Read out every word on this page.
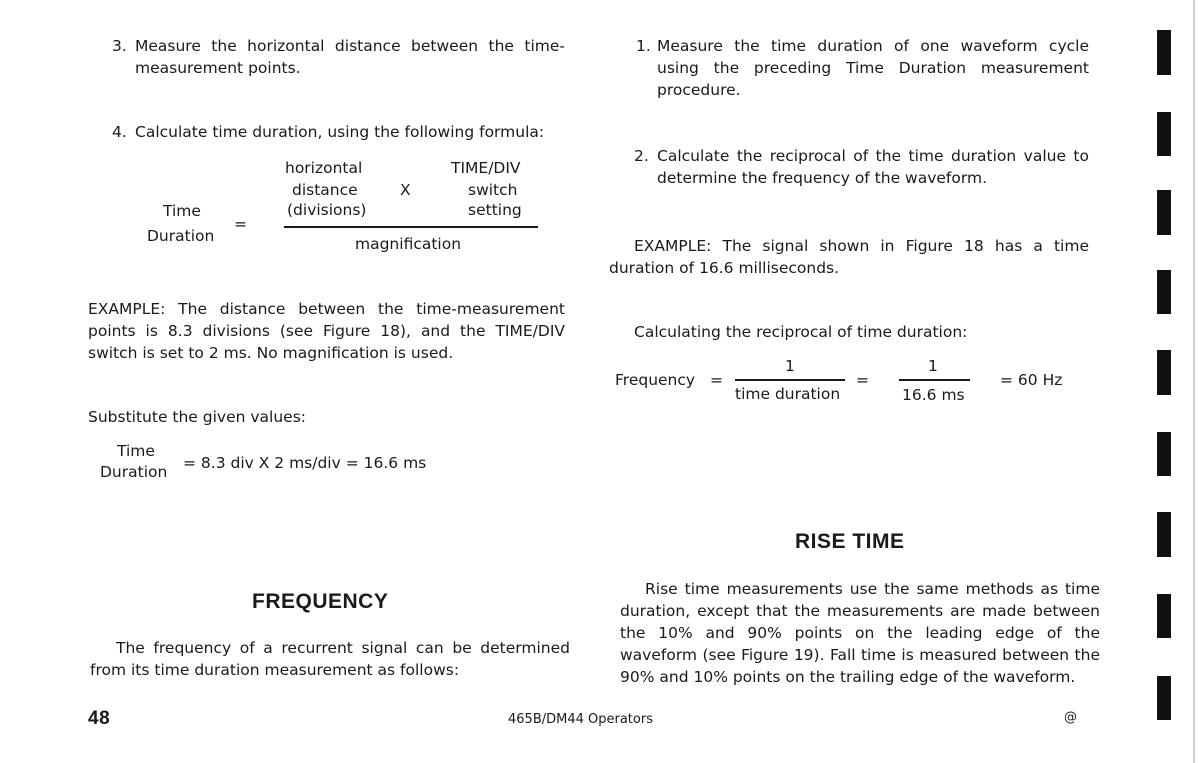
3. Measure the horizontal distance between the time-measurement points.
4. Calculate time duration, using the following formula:
Time
Duration
=
horizontal
distance
(divisions)
X
TIME/DIV
switch
setting
magnification
EXAMPLE: The distance between the time-measurement points is 8.3 divisions (see Figure 18), and the TIME/DIV switch is set to 2 ms. No magnification is used.
Substitute the given values:
Time
Duration = 8.3 div X 2 ms/div = 16.6 ms
FREQUENCY
The frequency of a recurrent signal can be determined from its time duration measurement as follows:
1. Measure the time duration of one waveform cycle using the preceding Time Duration measurement procedure.
2. Calculate the reciprocal of the time duration value to determine the frequency of the waveform.
EXAMPLE: The signal shown in Figure 18 has a time duration of 16.6 milliseconds.
Calculating the reciprocal of time duration:
Frequency =
1
time duration
=
1
16.6 ms
= 60 Hz
RISE TIME
Rise time measurements use the same methods as time duration, except that the measurements are made between the 10% and 90% points on the leading edge of the waveform (see Figure 19). Fall time is measured between the 90% and 10% points on the trailing edge of the waveform.
48	465B/DM44 Operators	@
